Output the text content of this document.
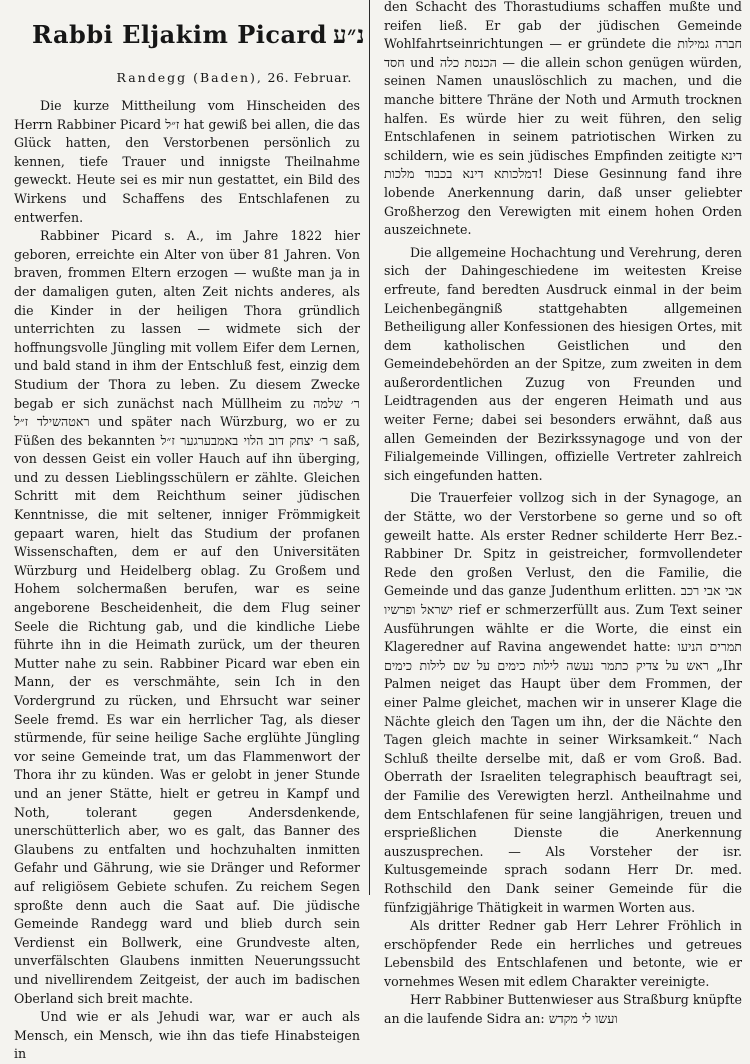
Rabbi Eljakim Picard נ״ע
Randegg (Baden), 26. Februar.

Die kurze Mittheilung vom Hinscheiden des Herrn Rabbiner Picard ז״ל hat gewiß bei allen, die das Glück hatten, den Verstorbenen persönlich zu kennen, tiefe Trauer und innigste Theilnahme geweckt. Heute sei es mir nun gestattet, ein Bild des Wirkens und Schaffens des Entschlafenen zu entwerfen.

Rabbiner Picard s. A., im Jahre 1822 hier geboren, erreichte ein Alter von über 81 Jahren. Von braven, frommen Eltern erzogen — wußte man ja in der damaligen guten, alten Zeit nichts anderes, als die Kinder in der heiligen Thora gründlich unterrichten zu lassen — widmete sich der hoffnungsvolle Jüngling mit vollem Eifer dem Lernen, und bald stand in ihm der Entschluß fest, einzig dem Studium der Thora zu leben. Zu diesem Zwecke begab er sich zunächst nach Müllheim zu ר׳ שלמה ראטהשילד ז״ל und später nach Würzburg, wo er zu Füßen des bekannten ר׳ יצחק דוב הלוי באמבערגער ז״ל saß, von dessen Geist ein voller Hauch auf ihn überging, und zu dessen Lieblingsschülern er zählte. Gleichen Schritt mit dem Reichthum seiner jüdischen Kenntnisse, die mit seltener, inniger Frömmigkeit gepaart waren, hielt das Studium der profanen Wissenschaften, dem er auf den Universitäten Würzburg und Heidelberg oblag. Zu Großem und Hohem solchermaßen berufen, war es seine angeborene Bescheidenheit, die dem Flug seiner Seele die Richtung gab, und die kindliche Liebe führte ihn in die Heimath zurück, um der theuren Mutter nahe zu sein. Rabbiner Picard war eben ein Mann, der es verschmähte, sein Ich in den Vordergrund zu rücken, und Ehrsucht war seiner Seele fremd. Es war ein herrlicher Tag, als dieser stürmende, für seine heilige Sache erglühte Jüngling vor seine Gemeinde trat, um das Flammenwort der Thora ihr zu künden. Was er gelobt in jener Stunde und an jener Stätte, hielt er getreu in Kampf und Noth, tolerant gegen Andersdenkende, unerschütterlich aber, wo es galt, das Banner des Glaubens zu entfalten und hochzuhalten inmitten Gefahr und Gährung, wie sie Dränger und Reformer auf religiösem Gebiete schufen. Zu reichem Segen sproßte denn auch die Saat auf. Die jüdische Gemeinde Randegg ward und blieb durch sein Verdienst ein Bollwerk, eine Grundveste alten, unverfälschten Glaubens inmitten Neuerungssucht und nivellirendem Zeitgeist, der auch im badischen Oberland sich breit machte.

Und wie er als Jehudi war, war er auch als Mensch, ein Mensch, wie ihn das tiefe Hinabsteigen in

den Schacht des Thorastudiums schaffen mußte und reifen ließ. Er gab der jüdischen Gemeinde Wohlfahrtseinrichtungen — er gründete die חברה גמילות חסד und הכנסת כלה — die allein schon genügen würden, seinen Namen unauslöschlich zu machen, und die manche bittere Thräne der Noth und Armuth trocknen halfen. Es würde hier zu weit führen, den selig Entschlafenen in seinem patriotischen Wirken zu schildern, wie es sein jüdisches Empfinden zeitigte דינא דמלכותא דינא בכבוד מלכות! Diese Gesinnung fand ihre lobende Anerkennung darin, daß unser geliebter Großherzog den Verewigten mit einem hohen Orden auszeichnete.

Die allgemeine Hochachtung und Verehrung, deren sich der Dahingeschiedene im weitesten Kreise erfreute, fand beredten Ausdruck einmal in der beim Leichenbegängniß stattgehabten allgemeinen Betheiligung aller Konfessionen des hiesigen Ortes, mit dem katholischen Geistlichen und den Gemeindebehörden an der Spitze, zum zweiten in dem außerordentlichen Zuzug von Freunden und Leidtragenden aus der engeren Heimath und aus weiter Ferne; dabei sei besonders erwähnt, daß aus allen Gemeinden der Bezirkssynagoge und von der Filialgemeinde Villingen, offizielle Vertreter zahlreich sich eingefunden hatten.

Die Trauerfeier vollzog sich in der Synagoge, an der Stätte, wo der Verstorbene so gerne und so oft geweilt hatte. Als erster Redner schilderte Herr Bez.-Rabbiner Dr. Spitz in geistreicher, formvollendeter Rede den großen Verlust, den die Familie, die Gemeinde und das ganze Judenthum erlitten. אבי אבי רכב ישראל ופרשיו rief er schmerzerfüllt aus. Zum Text seiner Ausführungen wählte er die Worte, die einst ein Klageredner auf Ravina angewendet hatte: תמרים הניעו ראש על צדיק כתמר נעשה לילות כימים על שם לילות כימים „Ihr Palmen neiget das Haupt über dem Frommen, der einer Palme gleichet, machen wir in unserer Klage die Nächte gleich den Tagen um ihn, der die Nächte den Tagen gleich machte in seiner Wirksamkeit.“ Nach Schluß theilte derselbe mit, daß er vom Groß. Bad. Oberrath der Israeliten telegraphisch beauftragt sei, der Familie des Verewigten herzl. Antheilnahme und dem Entschlafenen für seine langjährigen, treuen und ersprießlichen Dienste die Anerkennung auszusprechen. — Als Vorsteher der isr. Kultusgemeinde sprach sodann Herr Dr. med. Rothschild den Dank seiner Gemeinde für die fünfzigjährige Thätigkeit in warmen Worten aus.

Als dritter Redner gab Herr Lehrer Fröhlich in erschöpfender Rede ein herrliches und getreues Lebensbild des Entschlafenen und betonte, wie er vornehmes Wesen mit edlem Charakter vereinigte.

Herr Rabbiner Buttenwieser aus Straßburg knüpfte an die laufende Sidra an: ועשו לי מקדש
